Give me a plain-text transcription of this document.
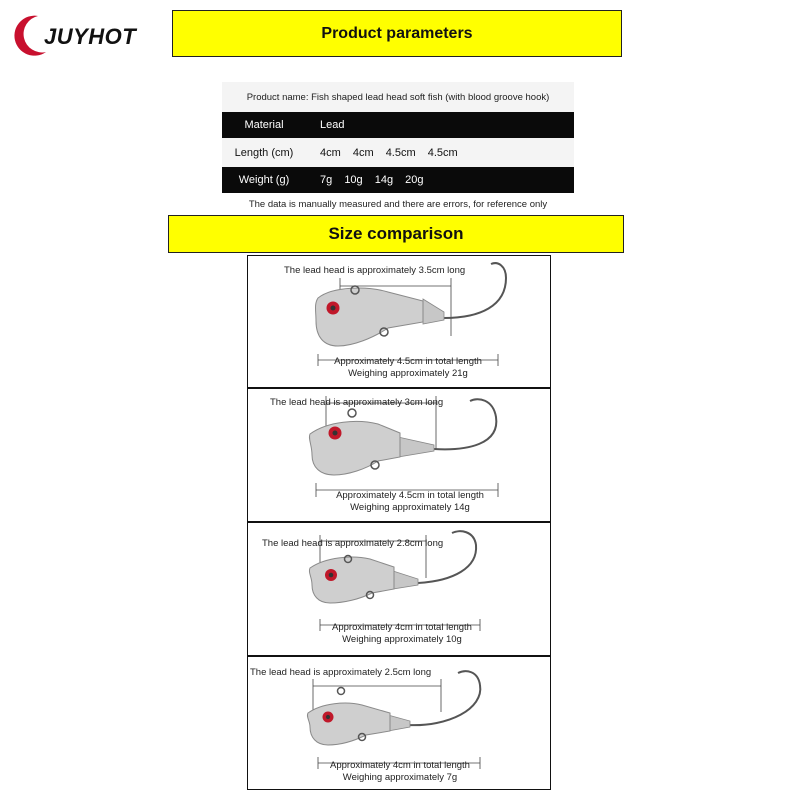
JUYHOT	Product parameters
Product name: Fish shaped lead head soft fish (with blood groove hook)
Material	Lead
Length (cm)	4cm 4cm 4.5cm 4.5cm
Weight (g)	7g 10g 14g 20g
The data is manually measured and there are errors, for reference only
Size comparison
The lead head is approximately 3.5cm long
Approximately 4.5cm in total length
Weighing approximately 21g
The lead head is approximately 3cm long
Approximately 4.5cm in total length
Weighing approximately 14g
The lead head is approximately 2.8cm long
Approximately 4cm in total length
Weighing approximately 10g
The lead head is approximately 2.5cm long
Approximately 4cm in total length
Weighing approximately 7g
